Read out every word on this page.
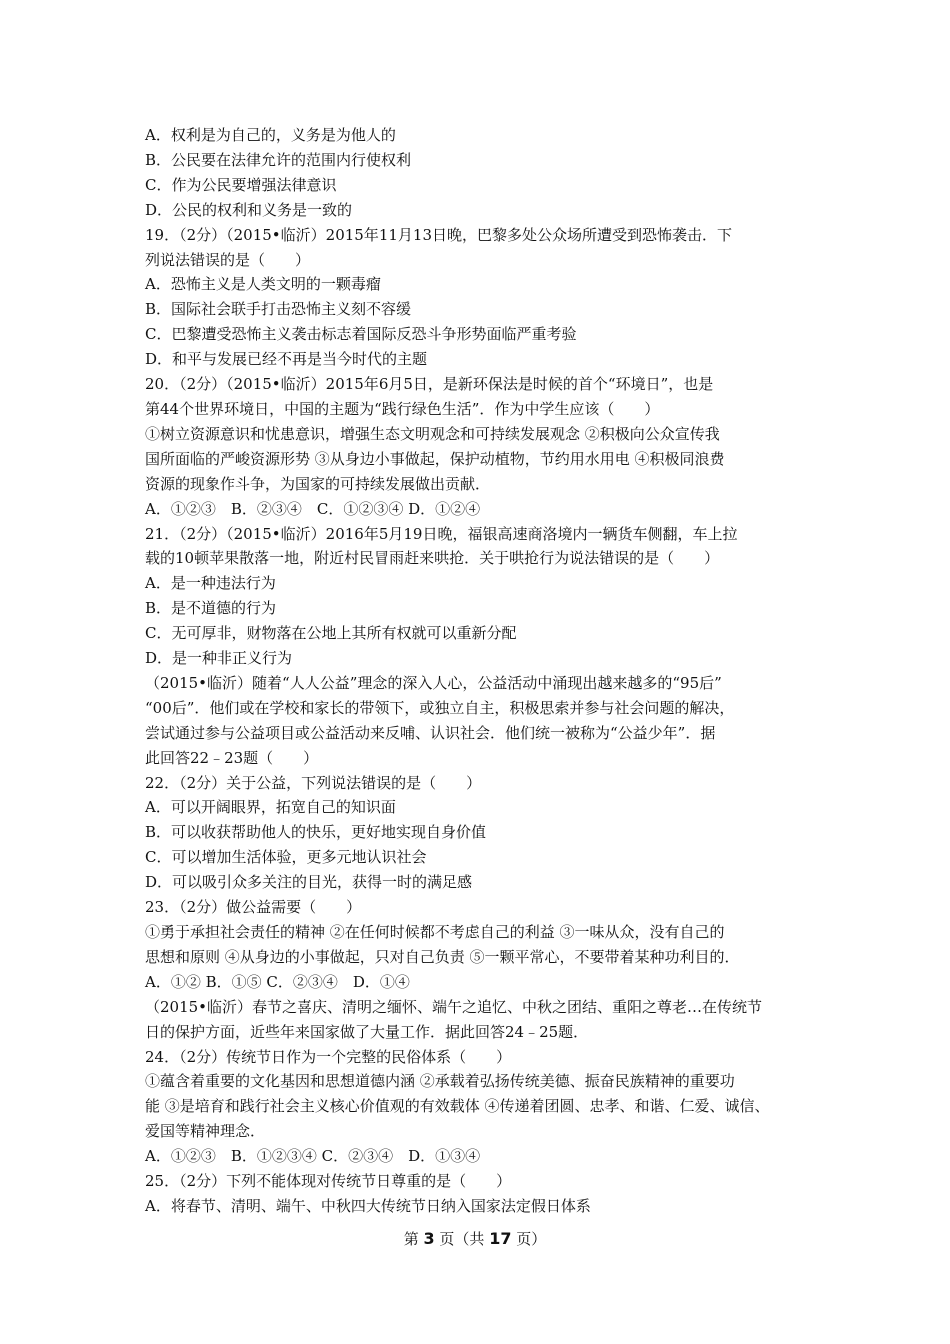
A．权利是为自己的，义务是为他人的
B．公民要在法律允许的范围内行使权利
C．作为公民要增强法律意识
D．公民的权利和义务是一致的
19．（2分）（2015•临沂）2015年11月13日晚，巴黎多处公众场所遭受到恐怖袭击．下
列说法错误的是（　　）
A．恐怖主义是人类文明的一颗毒瘤
B．国际社会联手打击恐怖主义刻不容缓
C．巴黎遭受恐怖主义袭击标志着国际反恐斗争形势面临严重考验
D．和平与发展已经不再是当今时代的主题
20．（2分）（2015•临沂）2015年6月5日，是新环保法是时候的首个“环境日”，也是
第44个世界环境日，中国的主题为“践行绿色生活”．作为中学生应该（　　）
①树立资源意识和忧患意识，增强生态文明观念和可持续发展观念 ②积极向公众宣传我
国所面临的严峻资源形势 ③从身边小事做起，保护动植物，节约用水用电 ④积极同浪费
资源的现象作斗争，为国家的可持续发展做出贡献．
A．①②③　B．②③④　C．①②③④ D．①②④
21．（2分）（2015•临沂）2016年5月19日晚，福银高速商洛境内一辆货车侧翻，车上拉
载的10顿苹果散落一地，附近村民冒雨赶来哄抢．关于哄抢行为说法错误的是（　　）
A．是一种违法行为
B．是不道德的行为
C．无可厚非，财物落在公地上其所有权就可以重新分配
D．是一种非正义行为
（2015•临沂）随着“人人公益”理念的深入人心，公益活动中涌现出越来越多的“95后”
“00后”．他们或在学校和家长的带领下，或独立自主，积极思索并参与社会问题的解决，
尝试通过参与公益项目或公益活动来反哺、认识社会．他们统一被称为“公益少年”．据
此回答22﹣23题（　　）
22．（2分）关于公益，下列说法错误的是（　　）
A．可以开阔眼界，拓宽自己的知识面
B．可以收获帮助他人的快乐，更好地实现自身价值
C．可以增加生活体验，更多元地认识社会
D．可以吸引众多关注的目光，获得一时的满足感
23．（2分）做公益需要（　　）
①勇于承担社会责任的精神 ②在任何时候都不考虑自己的利益 ③一味从众，没有自己的
思想和原则 ④从身边的小事做起，只对自己负责 ⑤一颗平常心，不要带着某种功利目的．
A．①② B．①⑤ C．②③④　D．①④
（2015•临沂）春节之喜庆、清明之缅怀、端午之追忆、中秋之团结、重阳之尊老…在传统节
日的保护方面，近些年来国家做了大量工作．据此回答24﹣25题．
24．（2分）传统节日作为一个完整的民俗体系（　　）
①蕴含着重要的文化基因和思想道德内涵 ②承载着弘扬传统美德、振奋民族精神的重要功
能 ③是培育和践行社会主义核心价值观的有效载体 ④传递着团圆、忠孝、和谐、仁爱、诚信、
爱国等精神理念．
A．①②③　B．①②③④ C．②③④　D．①③④
25．（2分）下列不能体现对传统节日尊重的是（　　）
A．将春节、清明、端午、中秋四大传统节日纳入国家法定假日体系
第 3 页（共 17 页）
